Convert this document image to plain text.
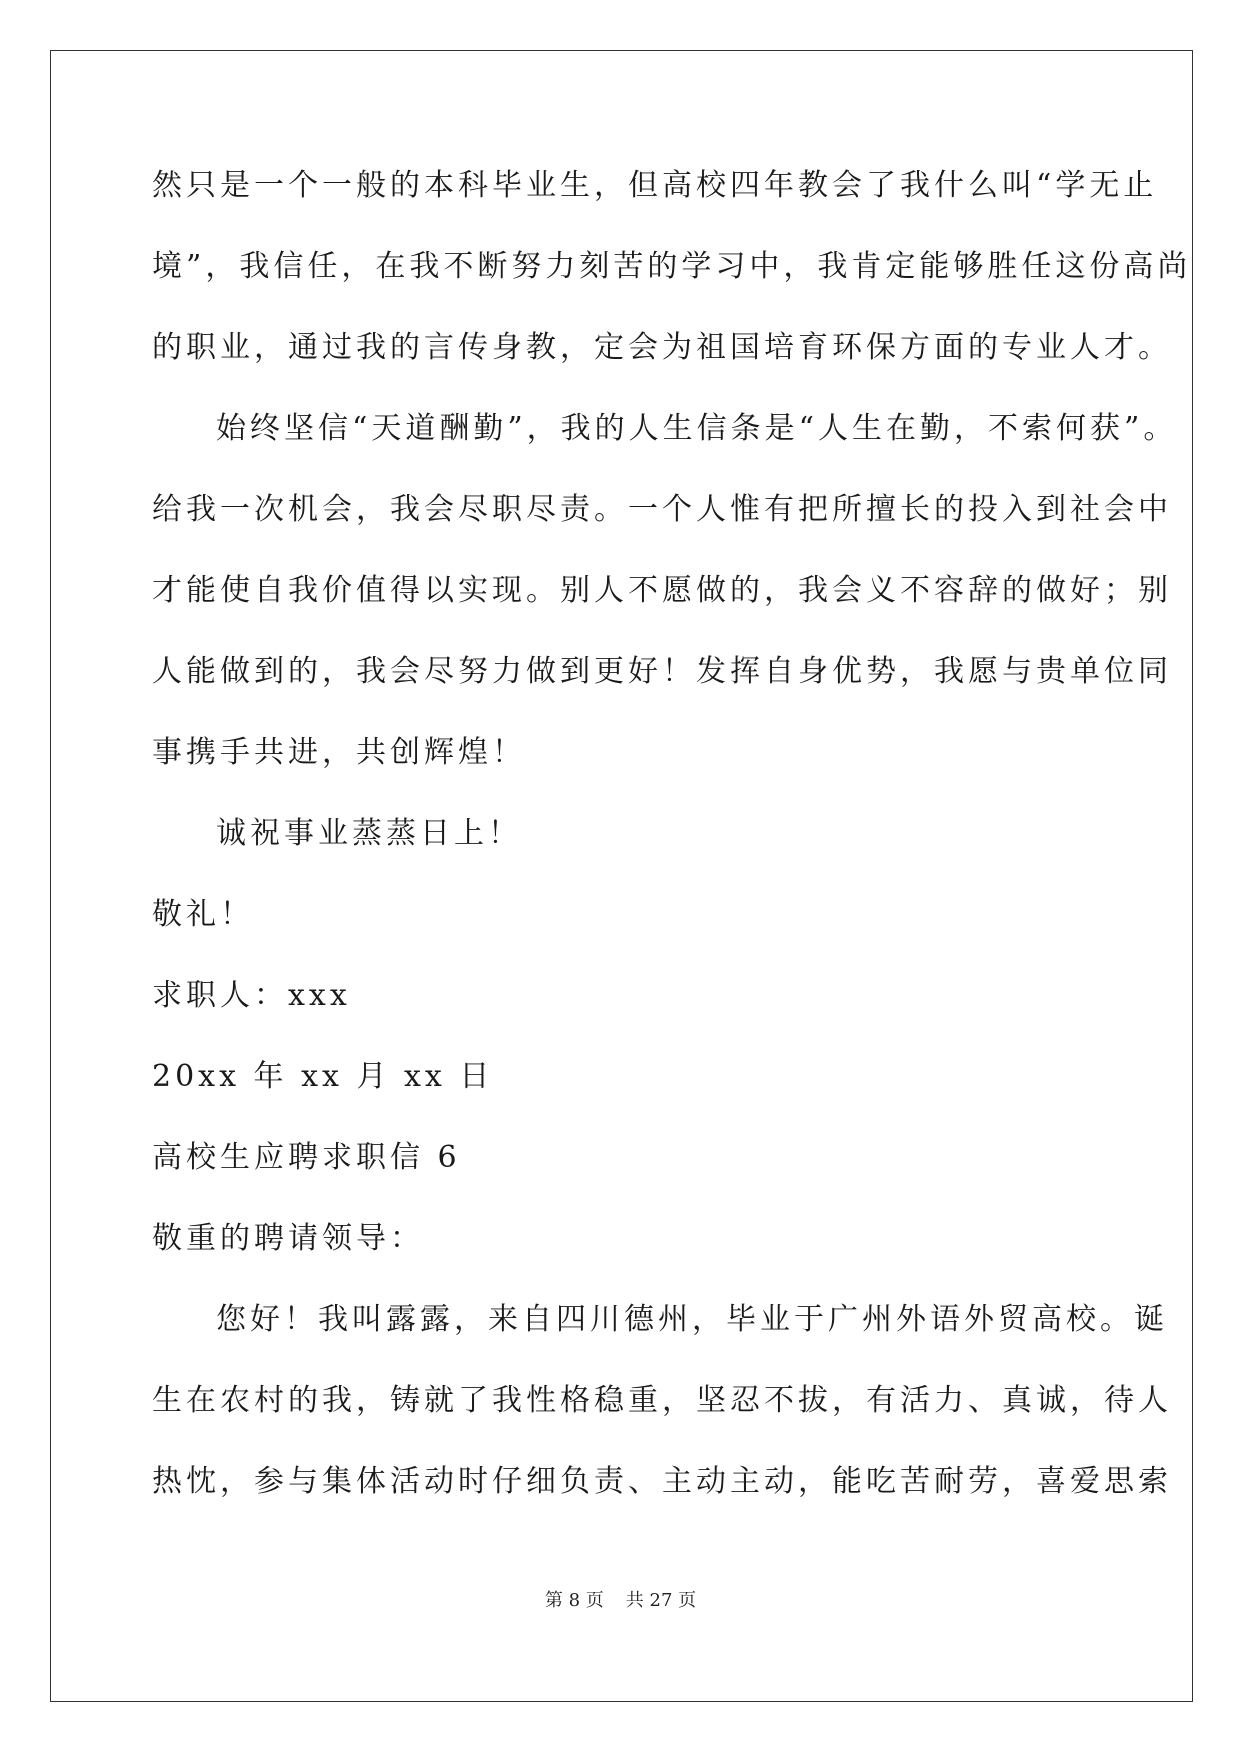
然只是一个一般的本科毕业生，但高校四年教会了我什么叫“学无止
境”，我信任，在我不断努力刻苦的学习中，我肯定能够胜任这份高尚
的职业，通过我的言传身教，定会为祖国培育环保方面的专业人才。
始终坚信“天道酬勤”，我的人生信条是“人生在勤，不索何获”。
给我一次机会，我会尽职尽责。一个人惟有把所擅长的投入到社会中
才能使自我价值得以实现。别人不愿做的，我会义不容辞的做好；别
人能做到的，我会尽努力做到更好！发挥自身优势，我愿与贵单位同
事携手共进，共创辉煌！
诚祝事业蒸蒸日上！
敬礼！
求职人：xxx
20xx 年 xx 月 xx 日
高校生应聘求职信 6
敬重的聘请领导：
您好！我叫露露，来自四川德州，毕业于广州外语外贸高校。诞
生在农村的我，铸就了我性格稳重，坚忍不拔，有活力、真诚，待人
热忱，参与集体活动时仔细负责、主动主动，能吃苦耐劳，喜爱思索
第 8 页 共 27 页
